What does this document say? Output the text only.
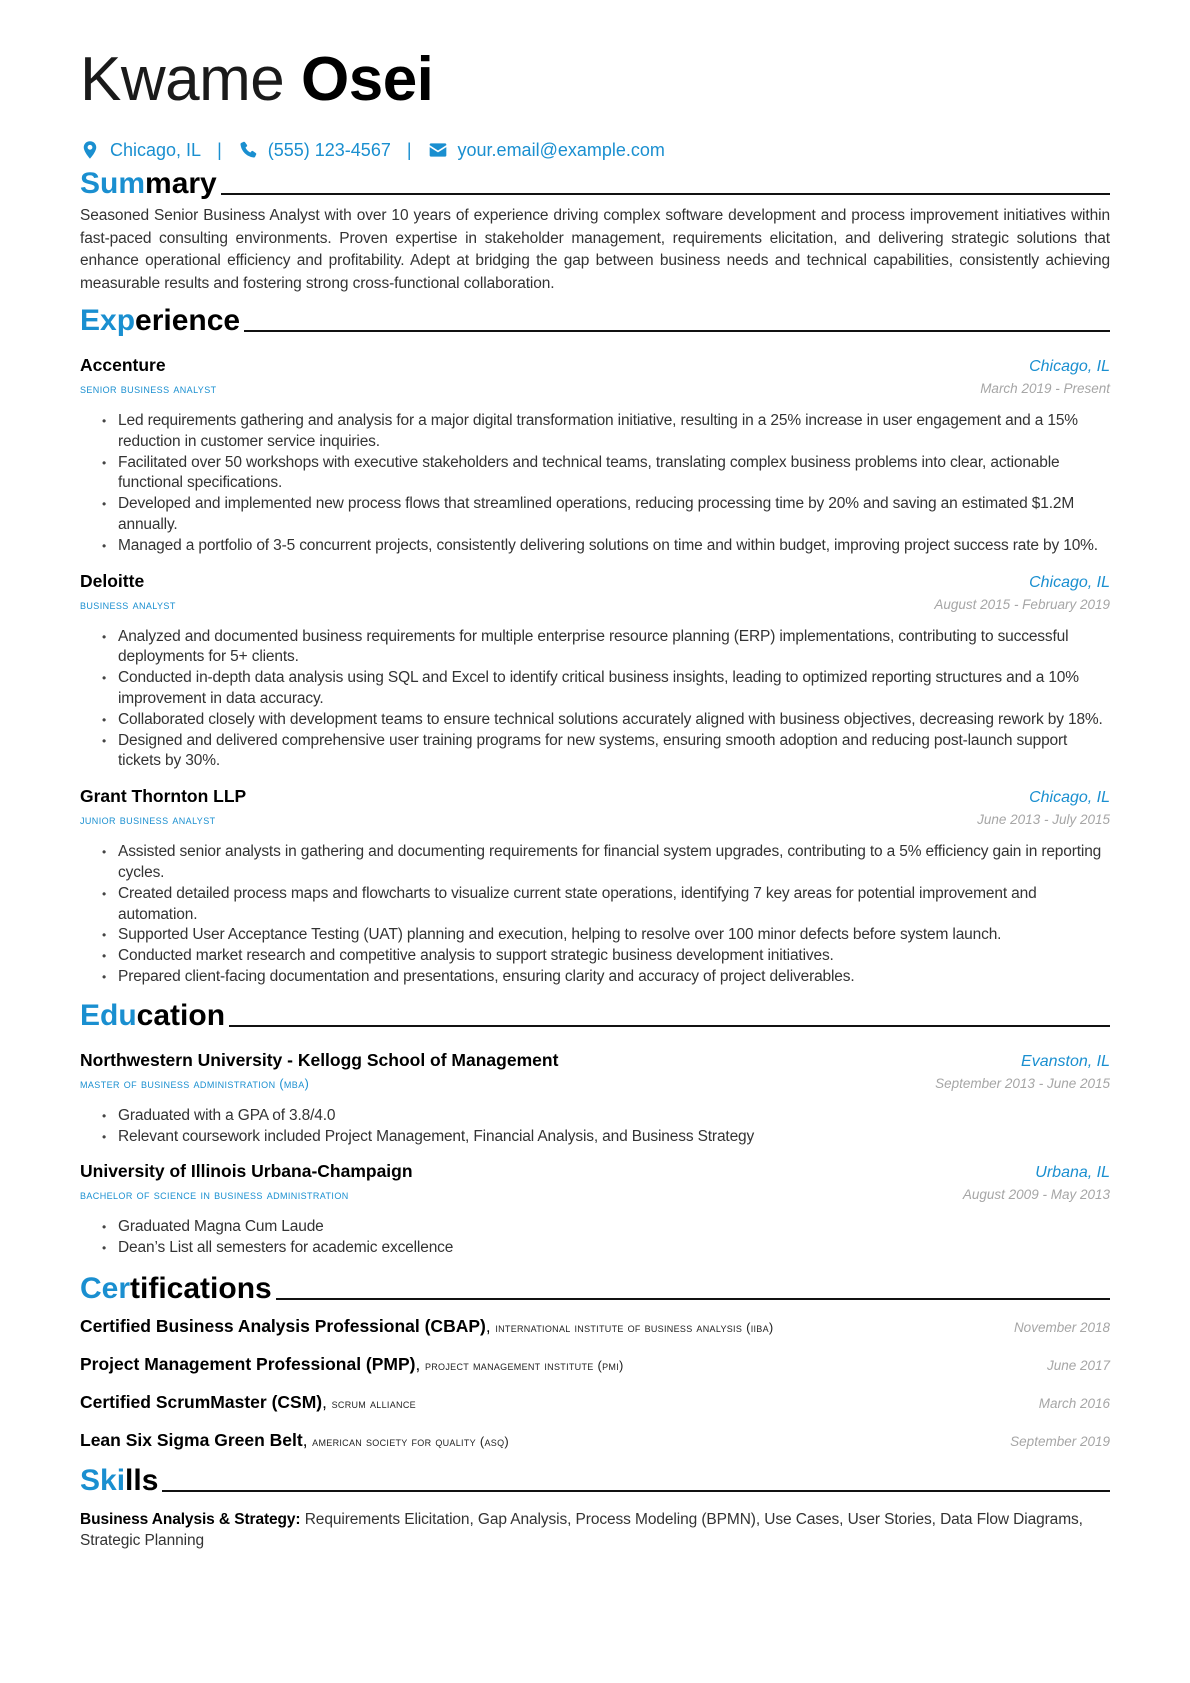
Kwame Osei
Chicago, IL |	(555) 123-4567 |	your.email@example.com
Sum mary

Seasoned Senior Business Analyst with over 10 years of experience driving complex software development and process improvement initiatives within fast-paced consulting environments. Proven expertise in stakeholder management, requirements elicitation, and delivering strategic solutions that enhance operational efficiency and profitability. Adept at bridging the gap between business needs and technical capabilities, consistently achieving measurable results and fostering strong cross-functional collaboration.

Exp erience
Accenture	Chicago, IL
senior business analyst	March 2019 - Present
• Led requirements gathering and analysis for a major digital transformation initiative, resulting in a 25% increase in user engagement and a 15% reduction in customer service inquiries.
• Facilitated over 50 workshops with executive stakeholders and technical teams, translating complex business problems into clear, actionable functional specifications.
• Developed and implemented new process flows that streamlined operations, reducing processing time by 20% and saving an estimated $1.2M annually.
• Managed a portfolio of 3-5 concurrent projects, consistently delivering solutions on time and within budget, improving project success rate by 10%.
Deloitte	Chicago, IL
business analyst	August 2015 - February 2019
• Analyzed and documented business requirements for multiple enterprise resource planning (ERP) implementations, contributing to successful deployments for 5+ clients.
• Conducted in-depth data analysis using SQL and Excel to identify critical business insights, leading to optimized reporting structures and a 10% improvement in data accuracy.
• Collaborated closely with development teams to ensure technical solutions accurately aligned with business objectives, decreasing rework by 18%.
• Designed and delivered comprehensive user training programs for new systems, ensuring smooth adoption and reducing post-launch support tickets by 30%.
Grant Thornton LLP	Chicago, IL
junior business analyst	June 2013 - July 2015
• Assisted senior analysts in gathering and documenting requirements for financial system upgrades, contributing to a 5% efficiency gain in reporting cycles.
• Created detailed process maps and flowcharts to visualize current state operations, identifying 7 key areas for potential improvement and automation.
• Supported User Acceptance Testing (UAT) planning and execution, helping to resolve over 100 minor defects before system launch.
• Conducted market research and competitive analysis to support strategic business development initiatives.
• Prepared client-facing documentation and presentations, ensuring clarity and accuracy of project deliverables.
Edu cation
Northwestern University - Kellogg School of Management	Evanston, IL
master of business administration (mba)	September 2013 - June 2015
• Graduated with a GPA of 3.8/4.0
• Relevant coursework included Project Management, Financial Analysis, and Business Strategy
University of Illinois Urbana-Champaign	Urbana, IL
bachelor of science in business administration	August 2009 - May 2013
• Graduated Magna Cum Laude
• Dean’s List all semesters for academic excellence
Cer tifications
Certified Business Analysis Professional (CBAP), international institute of business analysis (iiba)	November 2018
Project Management Professional (PMP), project management institute (pmi)	June 2017
Certified ScrumMaster (CSM), scrum alliance	March 2016
Lean Six Sigma Green Belt, american society for quality (asq)	September 2019
Ski lls

Business Analysis & Strategy: Requirements Elicitation, Gap Analysis, Process Modeling (BPMN), Use Cases, User Stories, Data Flow Diagrams, Strategic Planning
